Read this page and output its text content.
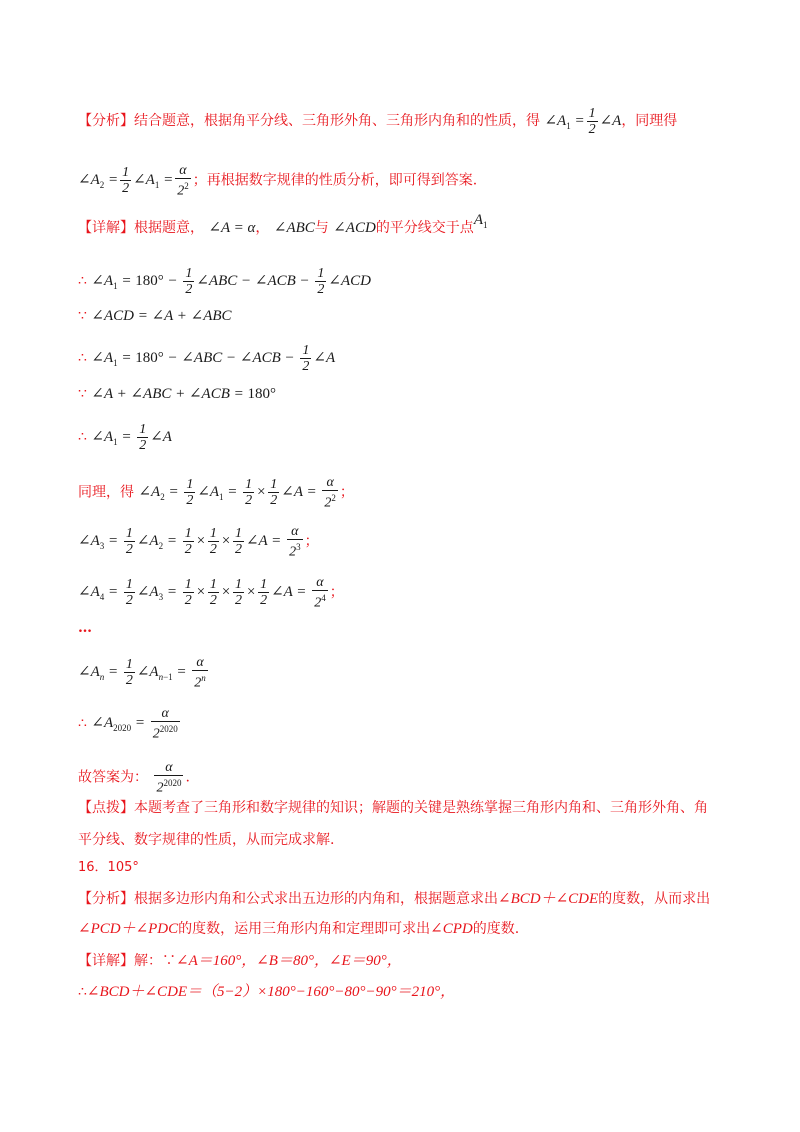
【分析】结合题意，根据角平分线、三角形外角、三角形内角和的性质，得 $\angle A_1 = \frac{1}{2}$ ∠A，同理得
$\angle A_2 = \frac{1}{2}$ $\angle A_1 = \frac{\alpha}{2^2}$ ；再根据数字规律的性质分析，即可得到答案.
【详解】根据题意， ∠A = α， ∠ABC与 ∠ACD的平分线交于点$A_1$
∴ $\angle A_1 = 180^\circ - \frac{1}{2}$ ∠ABC − ∠ACB − $\frac{1}{2}$ ∠ACD
∵ ∠ACD = ∠A + ∠ABC
∴ $\angle A_1 = 180^\circ$ − ∠ABC − ∠ACB − $\frac{1}{2}$ ∠A
∵ ∠A + ∠ABC + ∠ACB = 180°
∴ $\angle A_1 = \frac{1}{2}$ ∠A
同理，得 $\angle A_2 = \frac{1}{2}$ $\angle A_1 = \frac{1}{2} \times \frac{1}{2}$ ∠A = $\frac{\alpha}{2^2}$ ；
$\angle A_3 = \frac{1}{2}$ $\angle A_2 = \frac{1}{2} \times \frac{1}{2} \times \frac{1}{2}$ ∠A = $\frac{\alpha}{2^3}$ ；
$\angle A_4 = \frac{1}{2}$ $\angle A_3 = \frac{1}{2} \times \frac{1}{2} \times \frac{1}{2} \times \frac{1}{2}$ ∠A = $\frac{\alpha}{2^4}$ ；
…
$\angle A_n = \frac{1}{2}$ $\angle A_{n-1} = \frac{\alpha}{2^n}$
∴ $\angle A_{2020} = \frac{\alpha}{2^{2020}}$
故答案为： $\frac{\alpha}{2^{2020}}$ .
【点拨】本题考查了三角形和数字规律的知识；解题的关键是熟练掌握三角形内角和、三角形外角、角
平分线、数字规律的性质，从而完成求解.
16．105°
【分析】根据多边形内角和公式求出五边形的内角和，根据题意求出∠BCD＋∠CDE的度数，从而求出
∠PCD＋∠PDC的度数，运用三角形内角和定理即可求出∠CPD的度数.
【详解】解：∵∠A＝160°，∠B＝80°，∠E＝90°，
∴∠BCD＋∠CDE＝（5−2）×180°−160°−80°−90°＝210°，
